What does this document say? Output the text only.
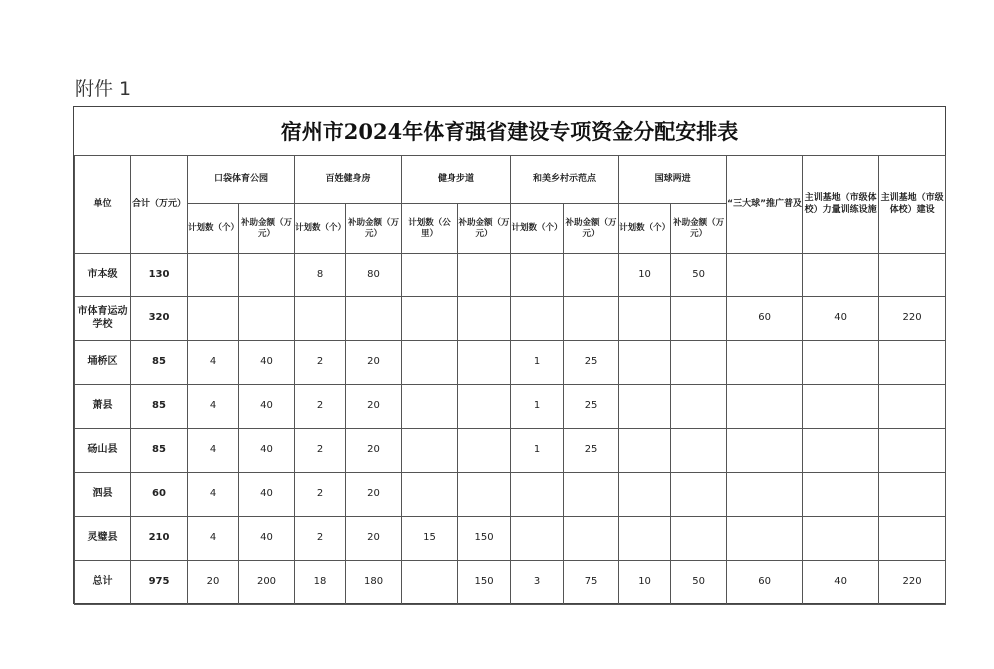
附件 1
宿州市2024年体育强省建设专项资金分配安排表
单位	合计（万元）	口袋体育公园		百姓健身房		健身步道		和美乡村示范点		国球两进		“三大球”推广普及	主训基地（市级体校）力量训练设施	主训基地（市级体校）建设
		计划数（个）	补助金额（万元）	计划数（个）	补助金额（万元）	计划数（公里）	补助金额（万元）	计划数（个）	补助金额（万元）	计划数（个）	补助金额（万元）			
市本级	130			8	80					10	50			
市体育运动学校	320											60	40	220
埇桥区	85	4	40	2	20			1	25					
萧县	85	4	40	2	20			1	25					
砀山县	85	4	40	2	20			1	25					
泗县	60	4	40	2	20									
灵璧县	210	4	40	2	20	15	150							
总计	975	20	200	18	180		150	3	75	10	50	60	40	220
